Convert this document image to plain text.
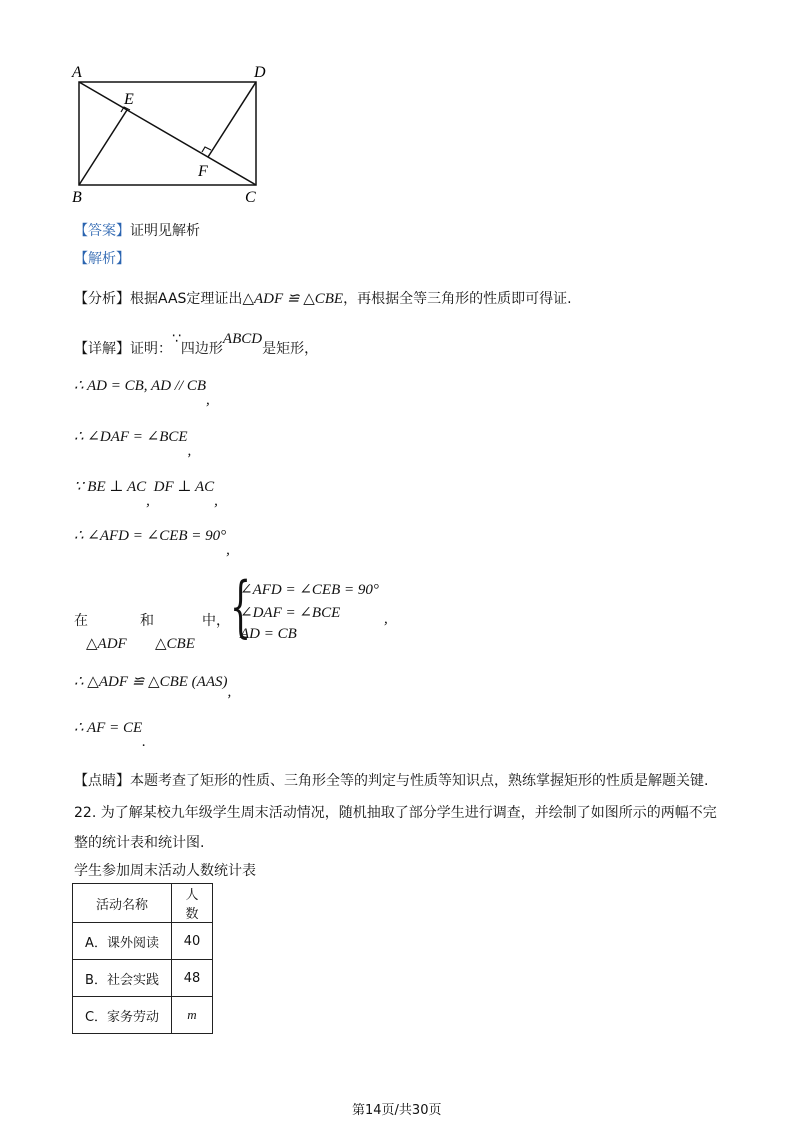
A	D
E
F
B	C
【答案】证明见解析
【解析】
【分析】根据AAS定理证出△ADF ≌ △CBE，再根据全等三角形的性质即可得证.
【详解】证明：∵四边形ABCD是矩形，
∴ AD = CB, AD // CB,
∴ ∠DAF = ∠BCE,
∵ BE ⊥ AC, DF ⊥ AC,
∴ ∠AFD = ∠CEB = 90°,
在	和	中，
△ADF △CBE {
∠AFD = ∠CEB = 90°
∠DAF = ∠BCE
AD = CB
,
∴ △ADF ≌ △CBE (AAS),
∴ AF = CE.
【点睛】本题考查了矩形的性质、三角形全等的判定与性质等知识点，熟练掌握矩形的性质是解题关键.
22. 为了解某校九年级学生周末活动情况，随机抽取了部分学生进行调查，并绘制了如图所示的两幅不完
整的统计表和统计图.
学生参加周末活动人数统计表
活动名称	人数
A．课外阅读	40
B．社会实践	48
C．家务劳动	m
第14页/共30页
